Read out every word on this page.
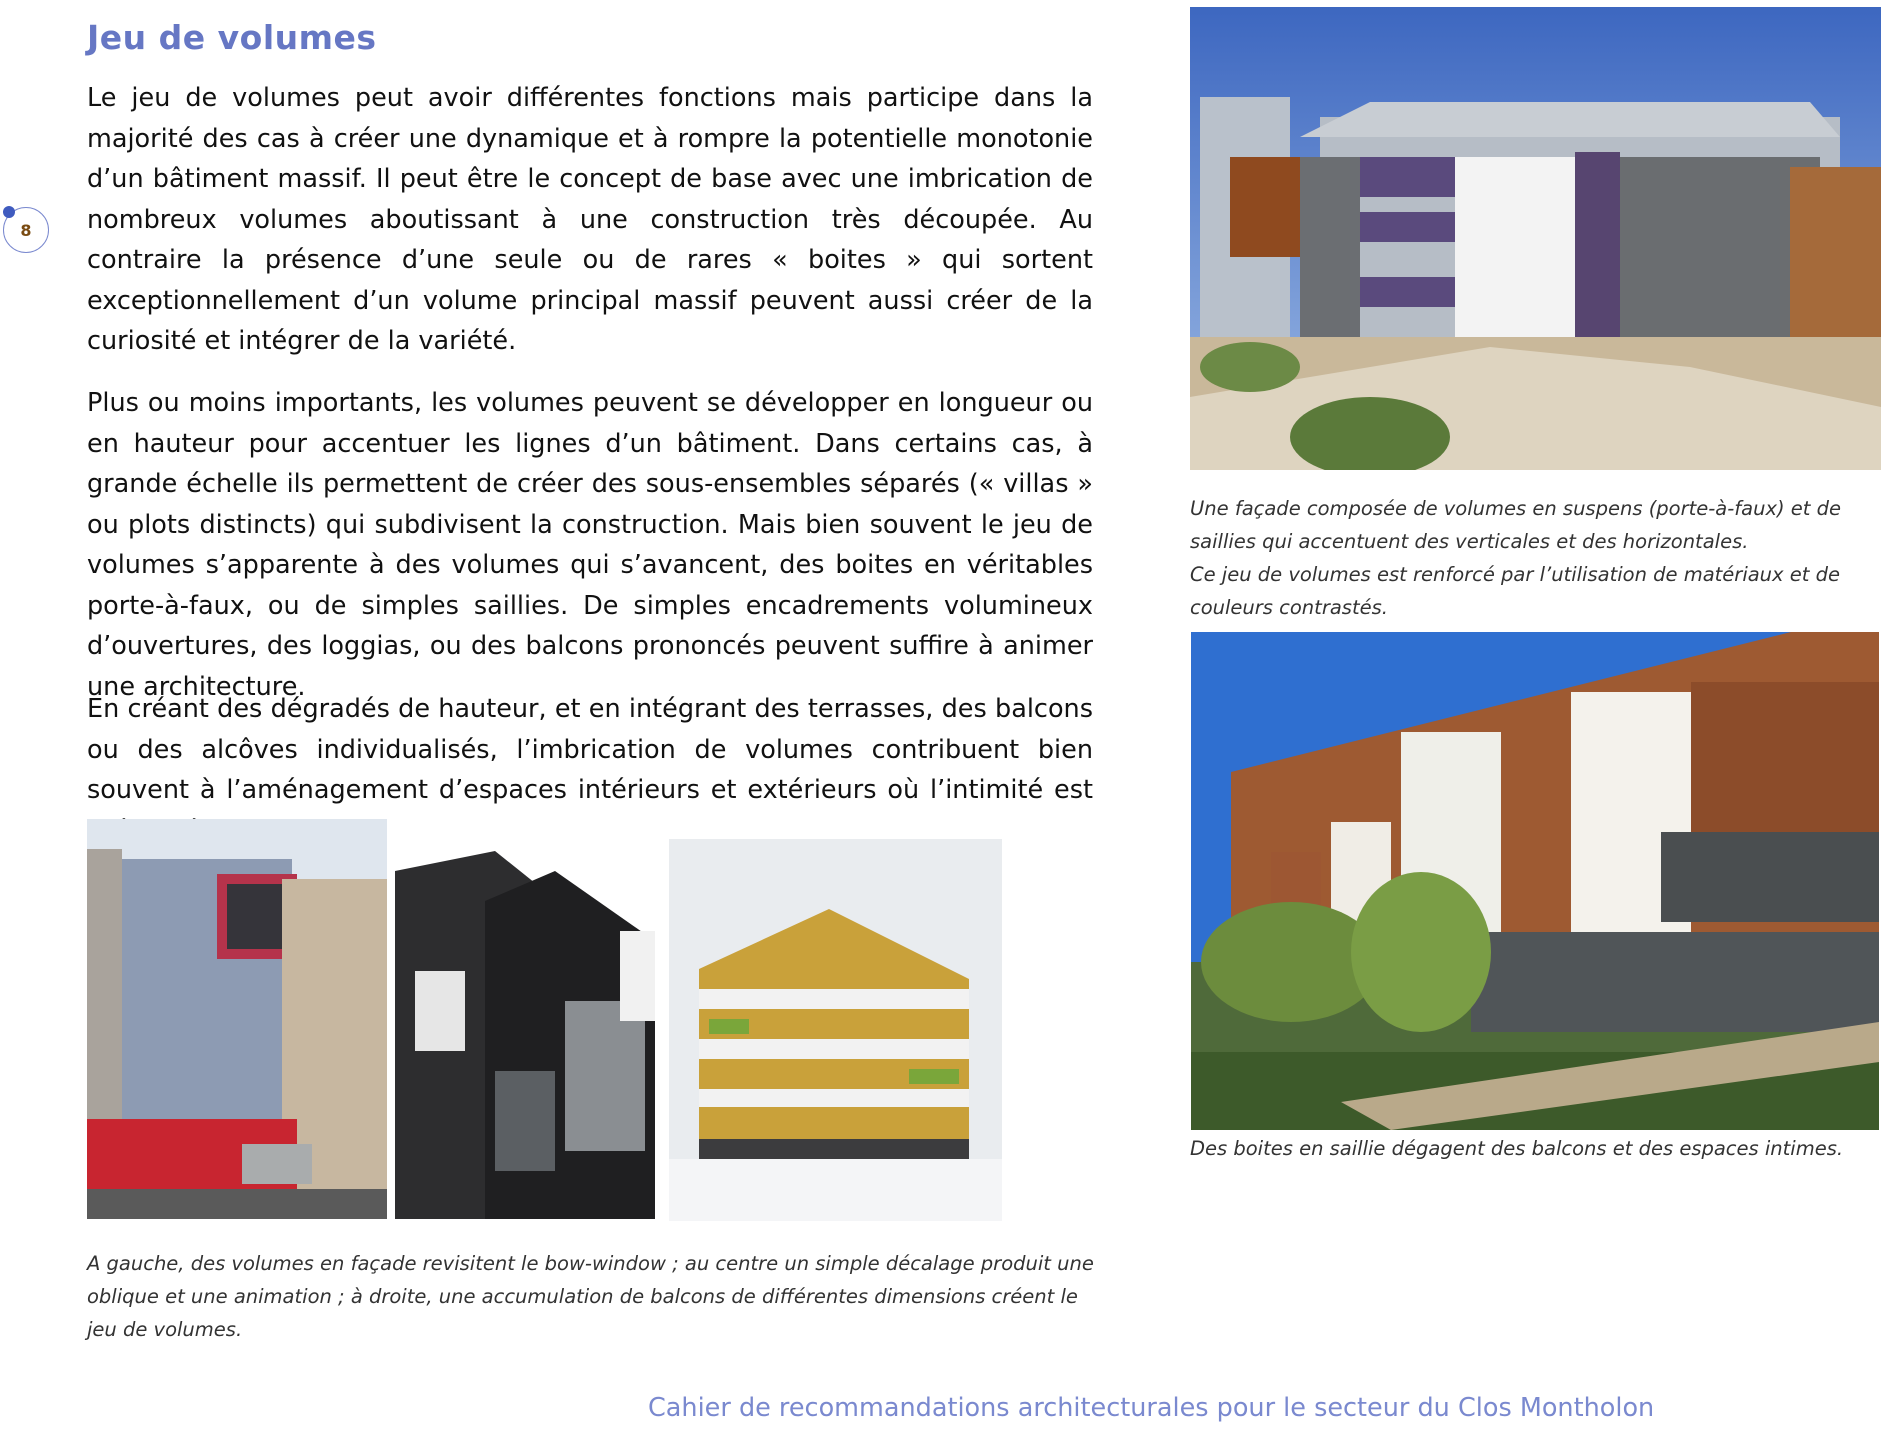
Jeu de volumes
8
Le jeu de volumes peut avoir différentes fonctions mais participe dans la majorité des cas à créer une dynamique et à rompre la potentielle monotonie d’un bâtiment massif. Il peut être le concept de base avec une imbrication de nombreux volumes aboutissant à une construction très découpée. Au contraire la présence d’une seule ou de rares « boites » qui sortent exceptionnellement d’un volume principal massif peuvent aussi créer de la curiosité et intégrer de la variété.
Plus ou moins importants, les volumes peuvent se développer en longueur ou en hauteur pour accentuer les lignes d’un bâtiment. Dans certains cas, à grande échelle ils permettent de créer des sous-ensembles séparés (« villas » ou plots distincts) qui subdivisent la construction. Mais bien souvent le jeu de volumes s’apparente à des volumes qui s’avancent, des boites en véritables porte-à-faux, ou de simples saillies. De simples encadrements volumineux d’ouvertures, des loggias, ou des balcons prononcés peuvent suffire à animer une architecture.
En créant des dégradés de hauteur, et en intégrant des terrasses, des balcons ou des alcôves individualisés, l’imbrication de volumes contribuent bien souvent à l’aménagement d’espaces intérieurs et extérieurs où l’intimité est
A gauche, des volumes en façade revisitent le bow-window ; au centre un simple décalage produit une oblique et une animation ; à droite, une accumulation de balcons de différentes dimensions créent le jeu de volumes.
Une façade composée de volumes en suspens (porte-à-faux) et de saillies qui accentuent des verticales et des horizontales.
Ce jeu de volumes est renforcé par l’utilisation de matériaux et de couleurs contrastés.
Des boites en saillie dégagent des balcons et des espaces intimes.
Cahier de recommandations architecturales pour le secteur du Clos Montholon
